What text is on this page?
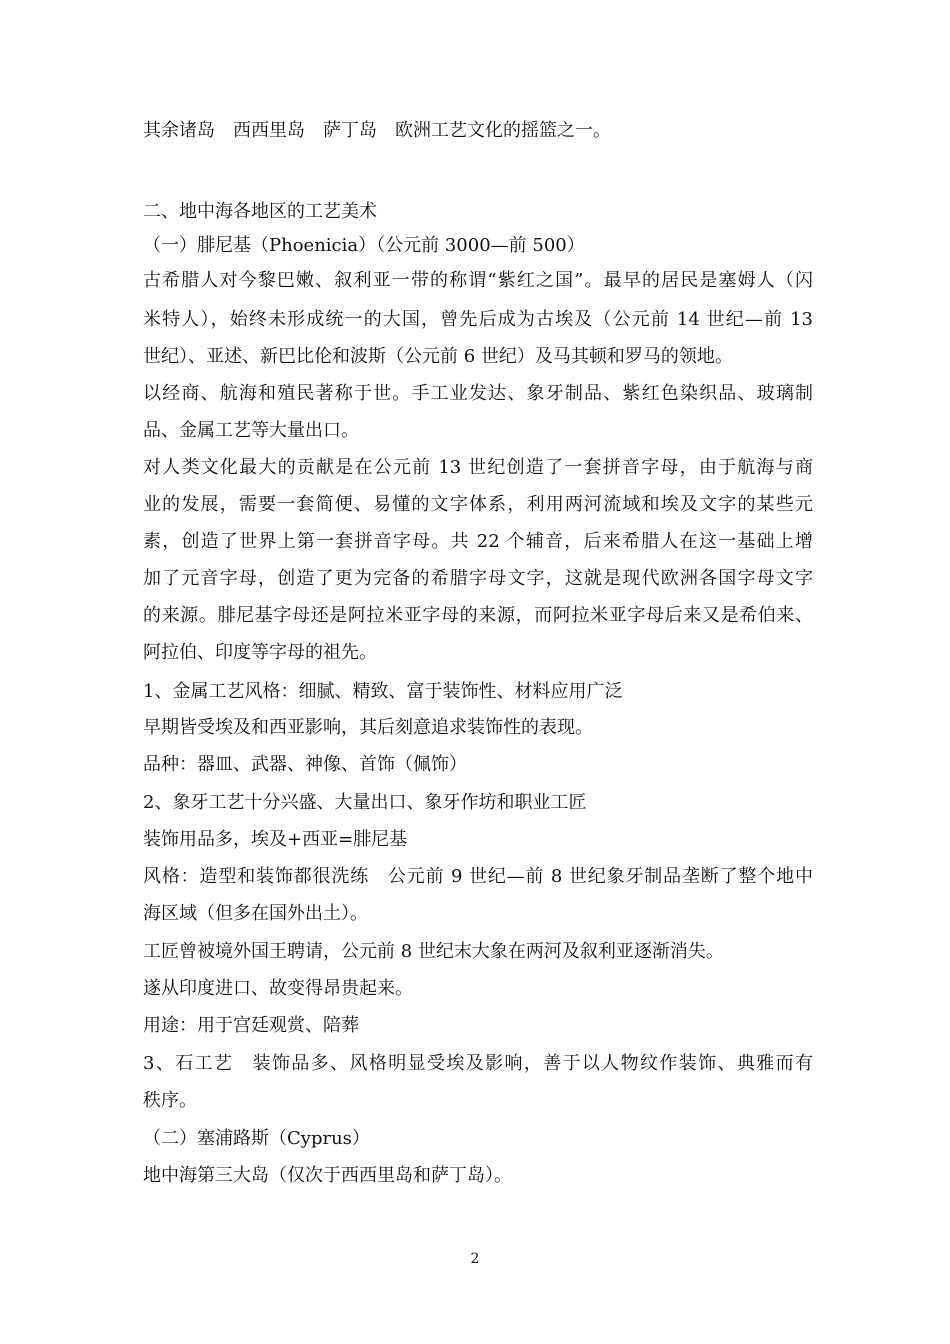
其余诸岛　西西里岛　萨丁岛　欧洲工艺文化的摇篮之一。
二、地中海各地区的工艺美术
（一）腓尼基（Phoenicia）（公元前 3000—前 500）
古希腊人对今黎巴嫩、叙利亚一带的称谓“紫红之国”。最早的居民是塞姆人（闪
米特人），始终未形成统一的大国，曾先后成为古埃及（公元前 14 世纪—前 13
世纪）、亚述、新巴比伦和波斯（公元前 6 世纪）及马其顿和罗马的领地。
以经商、航海和殖民著称于世。手工业发达、象牙制品、紫红色染织品、玻璃制
品、金属工艺等大量出口。
对人类文化最大的贡献是在公元前 13 世纪创造了一套拼音字母，由于航海与商
业的发展，需要一套简便、易懂的文字体系，利用两河流域和埃及文字的某些元
素，创造了世界上第一套拼音字母。共 22 个辅音，后来希腊人在这一基础上增
加了元音字母，创造了更为完备的希腊字母文字，这就是现代欧洲各国字母文字
的来源。腓尼基字母还是阿拉米亚字母的来源，而阿拉米亚字母后来又是希伯来、
阿拉伯、印度等字母的祖先。
1、金属工艺风格：细腻、精致、富于装饰性、材料应用广泛
早期皆受埃及和西亚影响，其后刻意追求装饰性的表现。
品种：器皿、武器、神像、首饰（佩饰）
2、象牙工艺十分兴盛、大量出口、象牙作坊和职业工匠
装饰用品多，埃及+西亚=腓尼基
风格：造型和装饰都很洗练　公元前 9 世纪—前 8 世纪象牙制品垄断了整个地中
海区域（但多在国外出土）。
工匠曾被境外国王聘请，公元前 8 世纪末大象在两河及叙利亚逐渐消失。
遂从印度进口、故变得昂贵起来。
用途：用于宫廷观赏、陪葬
3、石工艺　装饰品多、风格明显受埃及影响，善于以人物纹作装饰、典雅而有
秩序。
（二）塞浦路斯（Cyprus）
地中海第三大岛（仅次于西西里岛和萨丁岛）。
2
